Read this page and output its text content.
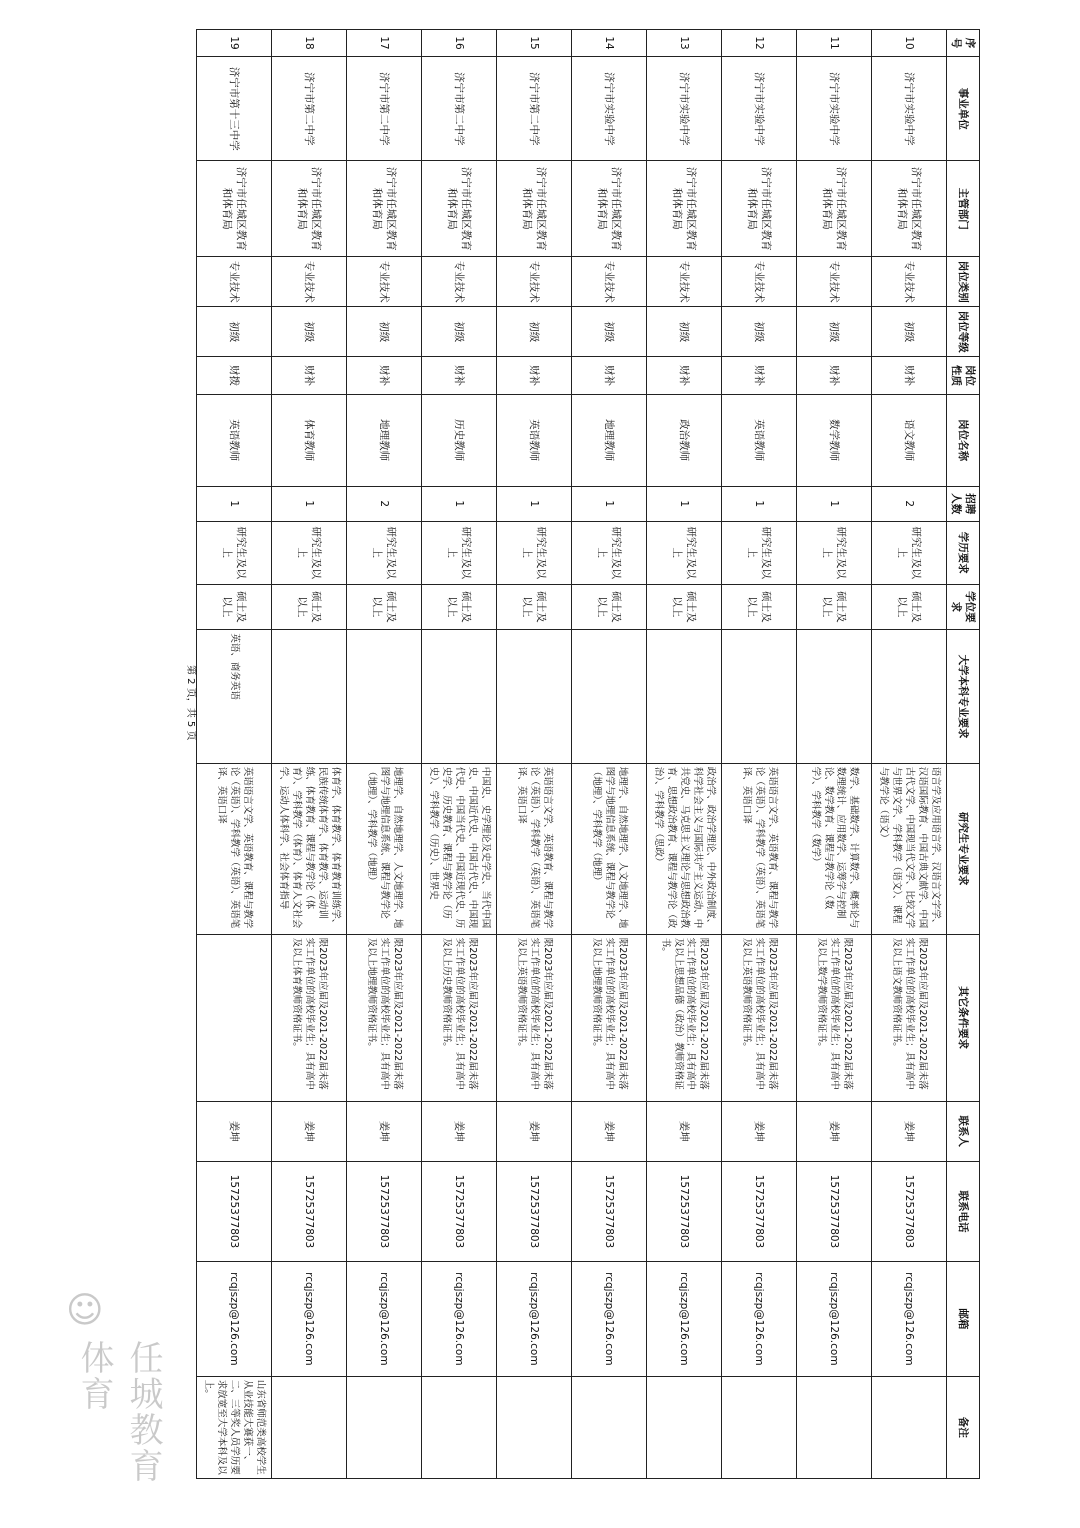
序号	事业单位	主管部门	岗位类别	岗位等级	岗位性质	岗位名称	招聘人数	学历要求	学位要求	大学本科专业要求	研究生专业要求	其它条件要求	联系人	联系电话	邮箱	备注
10	济宁市实验中学	济宁市任城区教育和体育局	专业技术	初级	财补	语文教师	2	研究生及以上	硕士及以上		语言学及应用语言学、汉语言文字学、汉语国际教育、中国古典文献学、中国古代文学、中国现当代文学、比较文学与世界文学、学科教学（语文）、课程与教学论（语文）	限2023年应届及2021-2022届未落实工作单位的高校毕业生；具有高中及以上语文教师资格证书。	姜坤	15725377803	rcqjszp@126.com	
11	济宁市实验中学	济宁市任城区教育和体育局	专业技术	初级	财补	数学教师	1	研究生及以上	硕士及以上		数学、基础数学、计算数学、概率论与数理统计、应用数学、运筹学与控制论、数学教育、课程与教学论（数学）、学科教学（数学）	限2023年应届及2021-2022届未落实工作单位的高校毕业生；具有高中及以上数学教师资格证书。	姜坤	15725377803	rcqjszp@126.com	
12	济宁市实验中学	济宁市任城区教育和体育局	专业技术	初级	财补	英语教师	1	研究生及以上	硕士及以上		英语语言文学、英语教育、课程与教学论（英语）、学科教学（英语）、英语笔译、英语口译	限2023年应届及2021-2022届未落实工作单位的高校毕业生；具有高中及以上英语教师资格证书。	姜坤	15725377803	rcqjszp@126.com	
13	济宁市实验中学	济宁市任城区教育和体育局	专业技术	初级	财补	政治教师	1	研究生及以上	硕士及以上		政治学、政治学理论、中外政治制度、科学社会主义与国际共产主义运动、中共党史、马克思主义理论与思想政治教育、思想政治教育、课程与教学论（政治）、学科教学（思政）	限2023年应届及2021-2022届未落实工作单位的高校毕业生；具有高中及以上思想品德（政治）教师资格证书。	姜坤	15725377803	rcqjszp@126.com	
14	济宁市实验中学	济宁市任城区教育和体育局	专业技术	初级	财补	地理教师	1	研究生及以上	硕士及以上		地理学、自然地理学、人文地理学、地图学与地理信息系统、课程与教学论（地理）、学科教学（地理）	限2023年应届及2021-2022届未落实工作单位的高校毕业生；具有高中及以上地理教师资格证书。	姜坤	15725377803	rcqjszp@126.com	
15	济宁市第二中学	济宁市任城区教育和体育局	专业技术	初级	财补	英语教师	1	研究生及以上	硕士及以上		英语语言文学、英语教育、课程与教学论（英语）、学科教学（英语）、英语笔译、英语口译	限2023年应届及2021-2022届未落实工作单位的高校毕业生；具有高中及以上英语教师资格证书。	姜坤	15725377803	rcqjszp@126.com	
16	济宁市第二中学	济宁市任城区教育和体育局	专业技术	初级	财补	历史教师	1	研究生及以上	硕士及以上		中国史、史学理论及史学史、当代中国史、中国近代史、中国古代史、中国现代史、中国当代史、中国近现代史、历史学、历史教育、课程与教学论（历史）、学科教学（历史）、世界史	限2023年应届及2021-2022届未落实工作单位的高校毕业生；具有高中及以上历史教师资格证书。	姜坤	15725377803	rcqjszp@126.com	
17	济宁市第二中学	济宁市任城区教育和体育局	专业技术	初级	财补	地理教师	2	研究生及以上	硕士及以上		地理学、自然地理学、人文地理学、地图学与地理信息系统、课程与教学论（地理）、学科教学（地理）	限2023年应届及2021-2022届未落实工作单位的高校毕业生；具有高中及以上地理教师资格证书。	姜坤	15725377803	rcqjszp@126.com	
18	济宁市第二中学	济宁市任城区教育和体育局	专业技术	初级	财补	体育教师	1	研究生及以上	硕士及以上		体育学、体育教学、体育教育训练学、民族传统体育学、体育教学、运动训练、体育教育、课程与教学论（体育）、学科教学（体育）、体育人文社会学、运动人体科学、社会体育指导	限2023年应届及2021-2022届未落实工作单位的高校毕业生；具有高中及以上体育教师资格证书。	姜坤	15725377803	rcqjszp@126.com	
19	济宁市第十三中学	济宁市任城区教育和体育局	专业技术	初级	财拨	英语教师	1	研究生及以上	硕士及以上	英语、商务英语	英语语言文学、英语教育、课程与教学论（英语）、学科教学（英语）、英语笔译、英语口译		姜坤	15725377803	rcqjszp@126.com	山东省师范类高校学生从业技能大赛获一、二、三等奖人员学历要求放宽至大学本科及以上。
第 2 页，共 5 页
☺
任城教育体育
